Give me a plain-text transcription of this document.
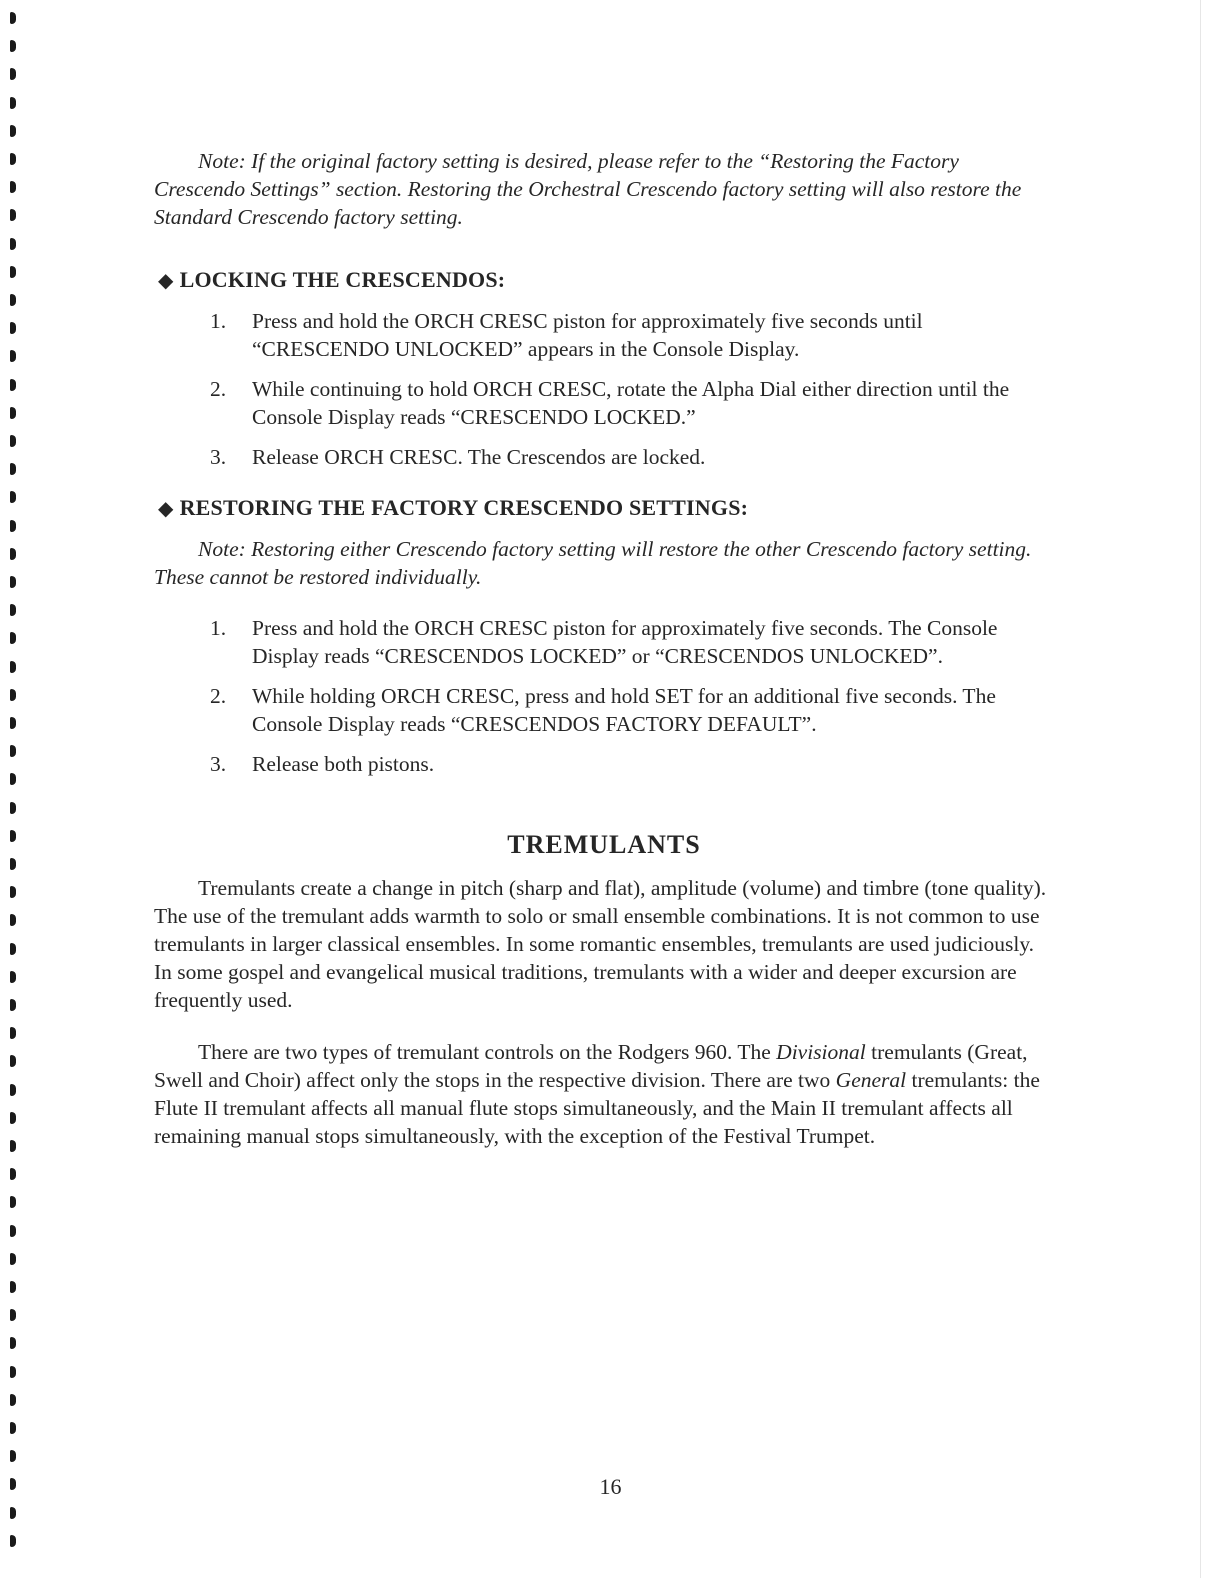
Note: If the original factory setting is desired, please refer to the “Restoring the Factory Crescendo Settings” section. Restoring the Orchestral Crescendo factory setting will also restore the Standard Crescendo factory setting.
◆ LOCKING THE CRESCENDOS:
1.	Press and hold the ORCH CRESC piston for approximately five seconds until “CRESCENDO UNLOCKED” appears in the Console Display.
2.	While continuing to hold ORCH CRESC, rotate the Alpha Dial either direction until the Console Display reads “CRESCENDO LOCKED.”
3.	Release ORCH CRESC. The Crescendos are locked.
◆ RESTORING THE FACTORY CRESCENDO SETTINGS:
Note: Restoring either Crescendo factory setting will restore the other Crescendo factory setting. These cannot be restored individually.
1.	Press and hold the ORCH CRESC piston for approximately five seconds. The Console Display reads “CRESCENDOS LOCKED” or “CRESCENDOS UNLOCKED”.
2.	While holding ORCH CRESC, press and hold SET for an additional five seconds. The Console Display reads “CRESCENDOS FACTORY DEFAULT”.
3.	Release both pistons.
TREMULANTS
Tremulants create a change in pitch (sharp and flat), amplitude (volume) and timbre (tone quality). The use of the tremulant adds warmth to solo or small ensemble combinations. It is not common to use tremulants in larger classical ensembles. In some romantic ensembles, tremulants are used judiciously. In some gospel and evangelical musical traditions, tremulants with a wider and deeper excursion are frequently used.
There are two types of tremulant controls on the Rodgers 960. The Divisional tremulants (Great, Swell and Choir) affect only the stops in the respective division. There are two General tremulants: the Flute II tremulant affects all manual flute stops simultaneously, and the Main II tremulant affects all remaining manual stops simultaneously, with the exception of the Festival Trumpet.
16
